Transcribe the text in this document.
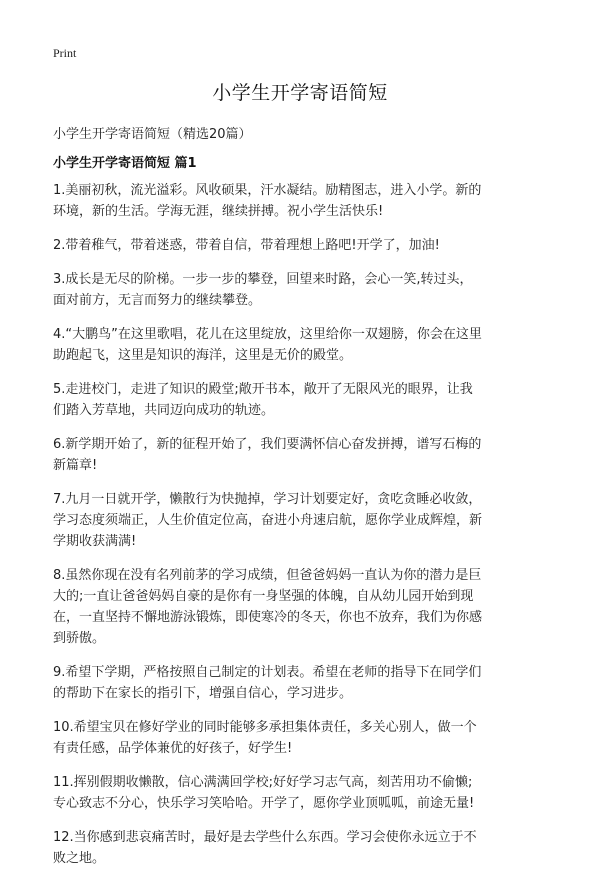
Print
小学生开学寄语简短
小学生开学寄语简短（精选20篇）
小学生开学寄语简短 篇1

1.美丽初秋，流光溢彩。风收硕果，汗水凝结。励精图志，进入小学。新的环境，新的生活。学海无涯，继续拼搏。祝小学生活快乐!

2.带着稚气，带着迷惑，带着自信，带着理想上路吧!开学了，加油!

3.成长是无尽的阶梯。一步一步的攀登，回望来时路，会心一笑,转过头，面对前方，无言而努力的继续攀登。

4.“大鹏鸟”在这里歌唱，花儿在这里绽放，这里给你一双翅膀，你会在这里助跑起飞，这里是知识的海洋，这里是无价的殿堂。

5.走进校门，走进了知识的殿堂;敞开书本，敞开了无限风光的眼界，让我们踏入芳草地，共同迈向成功的轨迹。

6.新学期开始了，新的征程开始了，我们要满怀信心奋发拼搏，谱写石梅的新篇章!

7.九月一日就开学，懒散行为快抛掉，学习计划要定好，贪吃贪睡必收敛，学习态度须端正，人生价值定位高，奋进小舟速启航，愿你学业成辉煌，新学期收获满满!

8.虽然你现在没有名列前茅的学习成绩，但爸爸妈妈一直认为你的潜力是巨大的;一直让爸爸妈妈自豪的是你有一身坚强的体魄，自从幼儿园开始到现在，一直坚持不懈地游泳锻炼，即使寒冷的冬天，你也不放弃，我们为你感到骄傲。

9.希望下学期，严格按照自己制定的计划表。希望在老师的指导下在同学们的帮助下在家长的指引下，增强自信心，学习进步。

10.希望宝贝在修好学业的同时能够多承担集体责任，多关心别人，做一个有责任感，品学体兼优的好孩子，好学生!

11.挥别假期收懒散，信心满满回学校;好好学习志气高，刻苦用功不偷懒;专心致志不分心，快乐学习笑哈哈。开学了，愿你学业顶呱呱，前途无量!

12.当你感到悲哀痛苦时，最好是去学些什么东西。学习会使你永远立于不败之地。
